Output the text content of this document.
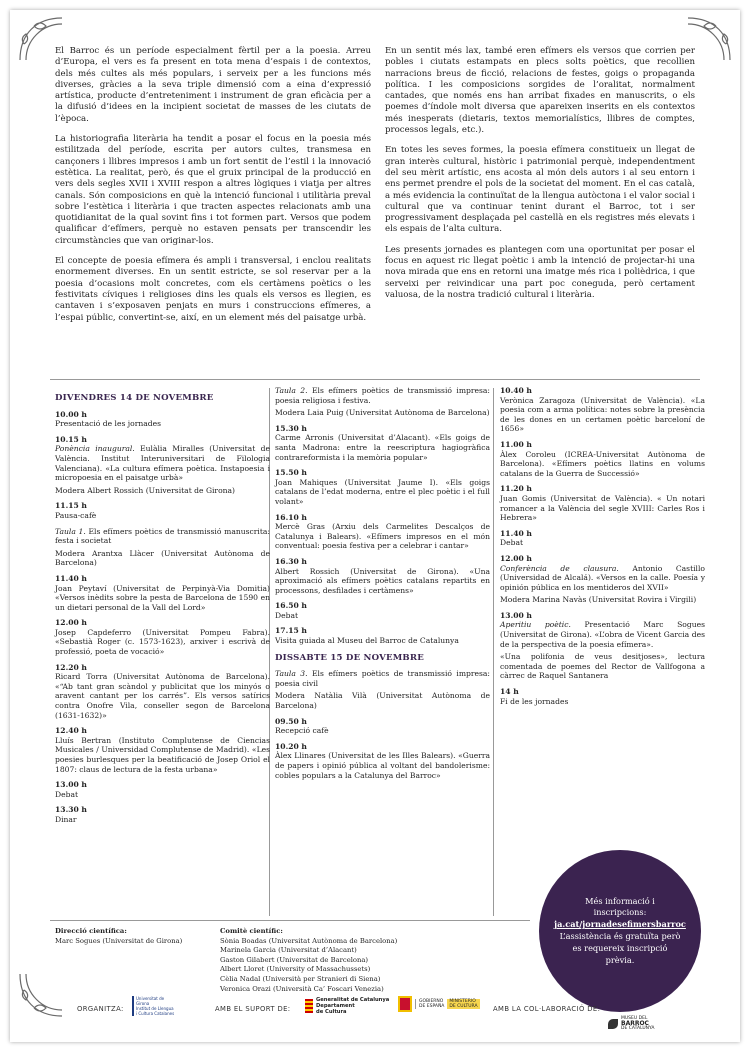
El Barroc és un període especialment fèrtil per a la poesia. Arreu d’Europa, el vers es fa present en tota mena d’espais i de contextos, dels més cultes als més populars, i serveix per a les funcions més diverses, gràcies a la seva triple dimensió com a eina d’expressió artística, producte d’entreteniment i instrument de gran eficàcia per a la difusió d’idees en la incipient societat de masses de les ciutats de l’època.

La historiografia literària ha tendit a posar el focus en la poesia més estilitzada del període, escrita per autors cultes, transmesa en cançoners i llibres impresos i amb un fort sentit de l’estil i la innovació estètica. La realitat, però, és que el gruix principal de la producció en vers dels segles XVII i XVIII respon a altres lògiques i viatja per altres canals. Són composicions en què la intenció funcional i utilitària preval sobre l’estètica i literària i que tracten aspectes relacionats amb una quotidianitat de la qual sovint fins i tot formen part. Versos que podem qualificar d’efímers, perquè no estaven pensats per transcendir les circumstàncies que van originar-los.

El concepte de poesia efímera és ampli i transversal, i enclou realitats enormement diverses. En un sentit estricte, se sol reservar per a la poesia d’ocasions molt concretes, com els certàmens poètics o les festivitats cíviques i religioses dins les quals els versos es llegien, es cantaven i s’exposaven penjats en murs i construccions efímeres, a l’espai públic, convertint-se, així, en un element més del paisatge urbà.

En un sentit més lax, també eren efímers els versos que corrien per pobles i ciutats estampats en plecs solts poètics, que recollien narracions breus de ficció, relacions de festes, goigs o propaganda política. I les composicions sorgides de l’oralitat, normalment cantades, que només ens han arribat fixades en manuscrits, o els poemes d’índole molt diversa que apareixen inserits en els contextos més inesperats (dietaris, textos memorialístics, llibres de comptes, processos legals, etc.).

En totes les seves formes, la poesia efímera constitueix un llegat de gran interès cultural, històric i patrimonial perquè, independentment del seu mèrit artístic, ens acosta al món dels autors i al seu entorn i ens permet prendre el pols de la societat del moment. En el cas català, a més evidencia la continuïtat de la llengua autòctona i el valor social i cultural que va continuar tenint durant el Barroc, tot i ser progressivament desplaçada pel castellà en els registres més elevats i els espais de l’alta cultura.

Les presents jornades es plantegen com una oportunitat per posar el focus en aquest ric llegat poètic i amb la intenció de projectar-hi una nova mirada que ens en retorni una imatge més rica i polièdrica, i que serveixi per reivindicar una part poc coneguda, però certament valuosa, de la nostra tradició cultural i literària.

DIVENDRES 14 DE NOVEMBRE
10.00 h

Presentació de les jornades

10.15 h

Ponència inaugural. Eulàlia Miralles (Universitat de València. Institut Interuniversitari de Filologia Valenciana). «La cultura efímera poètica. Instapoesia i micropoesia en el paisatge urbà»

Modera Albert Rossich (Universitat de Girona)

11.15 h

Pausa-cafè

Taula 1. Els efímers poètics de transmissió manuscrita: festa i societat

Modera Arantxa Llàcer (Universitat Autònoma de Barcelona)

11.40 h

Joan Peytaví (Universitat de Perpinyà-Via Domitia) «Versos inèdits sobre la pesta de Barcelona de 1590 en un dietari personal de la Vall del Lord»

12.00 h

Josep Capdeferro (Universitat Pompeu Fabra). «Sebastià Roger (c. 1573-1623), arxiver i escrivà de professió, poeta de vocació»

12.20 h

Ricard Torra (Universitat Autònoma de Barcelona). «“Ab tant gran scàndol y publicitat que los minyós o aravent cantant per los carrés”. Els versos satírics contra Onofre Vila, conseller segon de Barcelona (1631-1632)»

12.40 h

Lluís Bertran (Instituto Complutense de Ciencias Musicales / Universidad Complutense de Madrid). «Les poesies burlesques per la beatificació de Josep Oriol el 1807: claus de lectura de la festa urbana»

13.00 h

Debat

13.30 h

Dinar

Taula 2. Els efímers poètics de transmissió impresa: poesia religiosa i festiva.

Modera Laia Puig (Universitat Autònoma de Barcelona)

15.30 h

Carme Arronis (Universitat d’Alacant). «Els goigs de santa Madrona: entre la reescriptura hagiogràfica contrareformista i la memòria popular»

15.50 h

Joan Mahiques (Universitat Jaume I). «Els goigs catalans de l’edat moderna, entre el plec poètic i el full volant»

16.10 h

Mercè Gras (Arxiu dels Carmelites Descalços de Catalunya i Balears). «Efímers impresos en el món conventual: poesia festiva per a celebrar i cantar»

16.30 h

Albert Rossich (Universitat de Girona). «Una aproximació als efímers poètics catalans repartits en processons, desfilades i certàmens»

16.50 h

Debat

17.15 h

Visita guiada al Museu del Barroc de Catalunya

DISSABTE 15 DE NOVEMBRE

Taula 3. Els efímers poètics de transmissió impresa: poesia civil

Modera Natàlia Vilà (Universitat Autònoma de Barcelona)

09.50 h

Recepció cafè

10.20 h

Àlex Llinares (Universitat de les Illes Balears). «Guerra de papers i opinió pública al voltant del bandolerisme: cobles populars a la Catalunya del Barroc»

10.40 h

Verònica Zaragoza (Universitat de València). «La poesia com a arma política: notes sobre la presència de les dones en un certamen poètic barceloní de 1656»

11.00 h

Àlex Coroleu (ICREA-Universitat Autònoma de Barcelona). «Efímers poètics llatins en volums catalans de la Guerra de Successió»

11.20 h

Juan Gomis (Universitat de València). « Un notari romancer a la València del segle XVIII: Carles Ros i Hebrera»

11.40 h

Debat

12.00 h

Conferència de clausura. Antonio Castillo (Universidad de Alcalá). «Versos en la calle. Poesía y opinión pública en los mentideros del XVII»

Modera Marina Navàs (Universitat Rovira i Virgili)

13.00 h

Aperitiu poètic. Presentació Marc Sogues (Universitat de Girona). «L’obra de Vicent Garcia des de la perspectiva de la poesia efímera».

«Una polifonia de veus desitjoses», lectura comentada de poemes del Rector de Vallfogona a càrrec de Raquel Santanera

14 h

Fi de les jornades

Direcció científica:
Marc Sogues (Universitat de Girona)
Comitè científic:
Sònia Boadas (Universitat Autònoma de Barcelona)
Marinela Garcia (Universitat d’Alacant)
Gaston Gilabert (Universitat de Barcelona)
Albert Lloret (University of Massachussets)
Cèlia Nadal (Università per Stranieri di Siena)
Veronica Orazi (Università Ca’ Foscari Venezia)
Més informació i
inscripcions:
ja.cat/jornadesefimersbarroc
L’assistència és gratuïta però
es requereix inscripció
prèvia.
ORGANITZA:
Universitat de Girona
Institut de Llengua
i Cultura Catalanes
AMB EL SUPORT DE:
Generalitat de Catalunya
Departament
de Cultura
GOBIERNO
DE ESPAÑA
MINISTERIO
DE CULTURA AMB LA COL·LABORACIÓ DE:
MUSEU DEL
BARROC
DE CATALUNYA
